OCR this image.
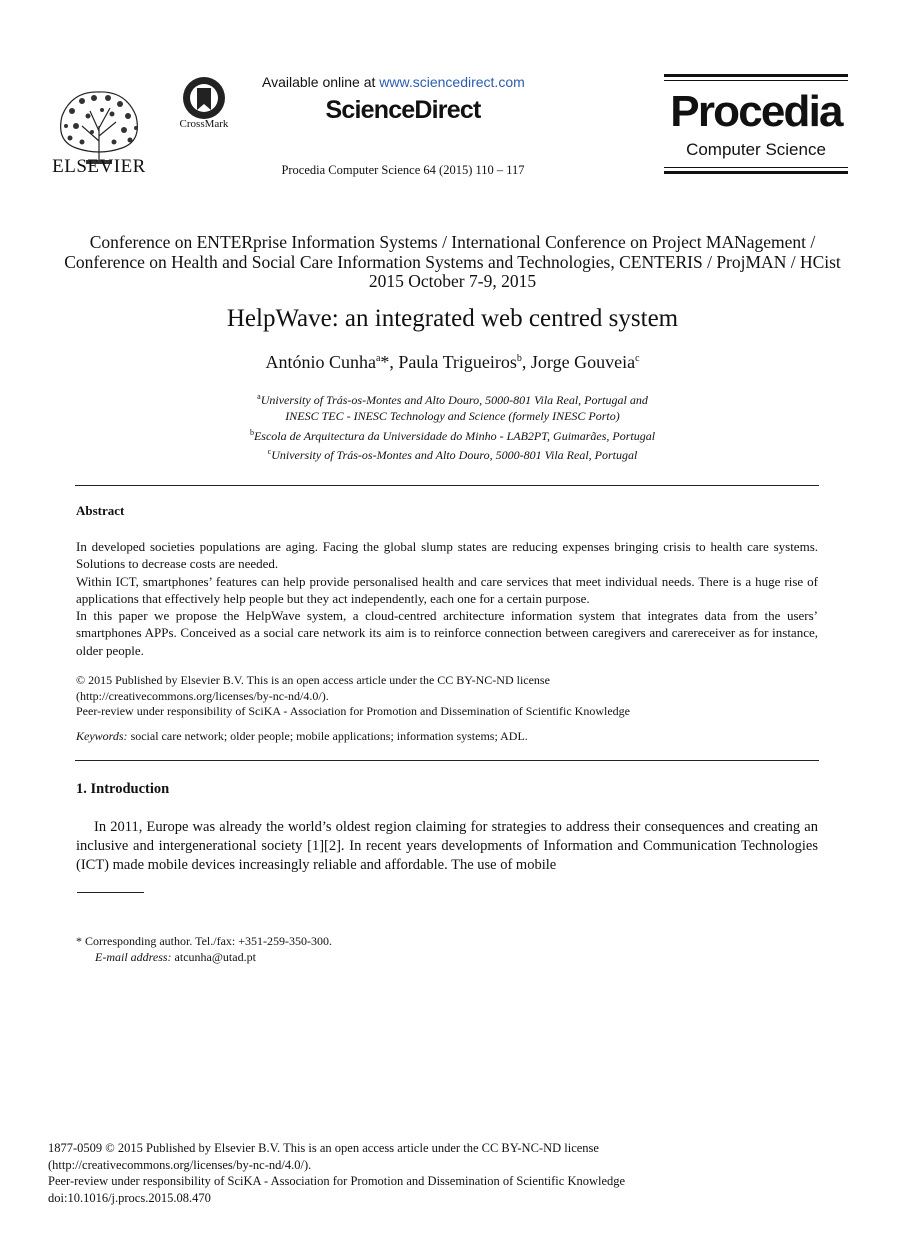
ELSEVIER
CrossMark
Available online at www.sciencedirect.com
ScienceDirect
Procedia Computer Science 64 (2015) 110 – 117
Procedia
Computer Science
Conference on ENTERprise Information Systems / International Conference on Project MANagement / Conference on Health and Social Care Information Systems and Technologies, CENTERIS / ProjMAN / HCist 2015 October 7-9, 2015
HelpWave: an integrated web centred system
António Cunha$^a$*, Paula Trigueiros$^b$, Jorge Gouveia$^c$
$^a$University of Trás-os-Montes and Alto Douro, 5000-801 Vila Real, Portugal and
INESC TEC - INESC Technology and Science (formely INESC Porto)
$^b$Escola de Arquitectura da Universidade do Minho - LAB2PT, Guimarães, Portugal
$^c$University of Trás-os-Montes and Alto Douro, 5000-801 Vila Real, Portugal
Abstract

In developed societies populations are aging. Facing the global slump states are reducing expenses bringing crisis to health care systems. Solutions to decrease costs are needed.

Within ICT, smartphones’ features can help provide personalised health and care services that meet individual needs. There is a huge rise of applications that effectively help people but they act independently, each one for a certain purpose.

In this paper we propose the HelpWave system, a cloud-centred architecture information system that integrates data from the users’ smartphones APPs. Conceived as a social care network its aim is to reinforce connection between caregivers and carereceiver as for instance, older people.

© 2015 Published by Elsevier B.V. This is an open access article under the CC BY-NC-ND license
(http://creativecommons.org/licenses/by-nc-nd/4.0/).
Peer-review under responsibility of SciKA - Association for Promotion and Dissemination of Scientific Knowledge
Keywords: social care network; older people; mobile applications; information systems; ADL.
1. Introduction
In 2011, Europe was already the world’s oldest region claiming for strategies to address their consequences and creating an inclusive and intergenerational society [1][2]. In recent years developments of Information and Communication Technologies (ICT) made mobile devices increasingly reliable and affordable. The use of mobile
* Corresponding author. Tel./fax: +351-259-350-300.
E-mail address: atcunha@utad.pt
1877-0509 © 2015 Published by Elsevier B.V. This is an open access article under the CC BY-NC-ND license
(http://creativecommons.org/licenses/by-nc-nd/4.0/).
Peer-review under responsibility of SciKA - Association for Promotion and Dissemination of Scientific Knowledge
doi:10.1016/j.procs.2015.08.470
